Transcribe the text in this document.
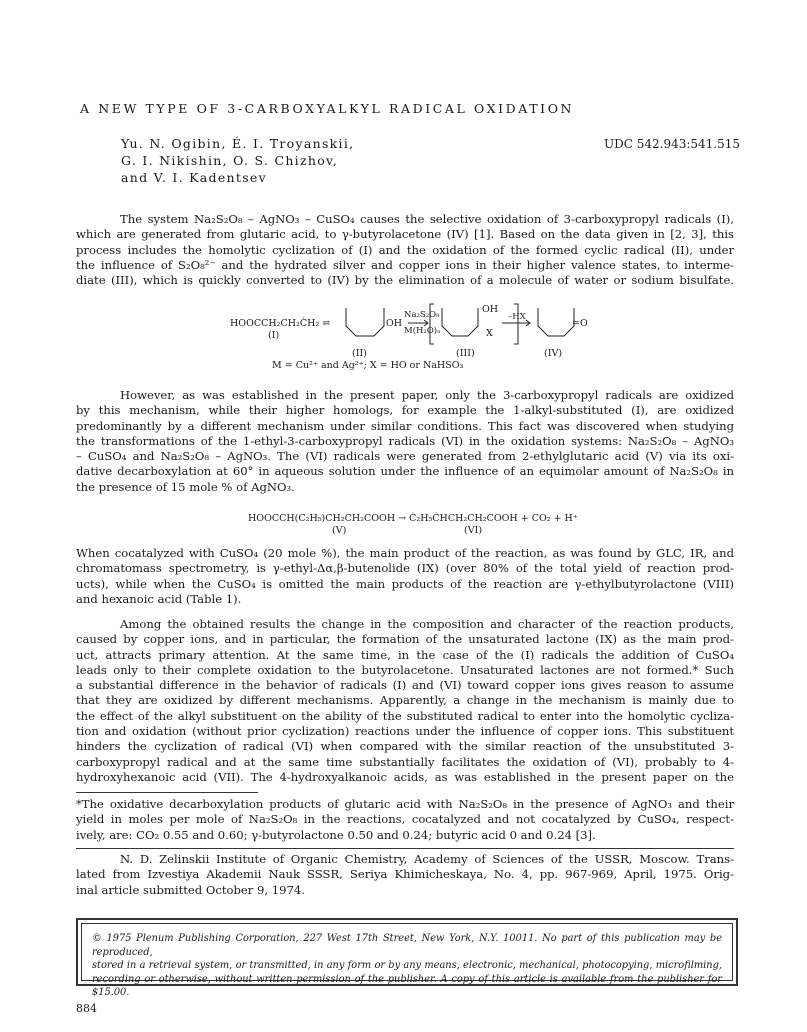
A NEW TYPE OF 3-CARBOXYALKYL RADICAL OXIDATION
Yu. N. Ogibin, É. I. Troyanskii,
G. I. Nikishin, O. S. Chizhov,
and V. I. Kadentsev
UDC 542.943:541.515
The system Na₂S₂O₈ – AgNO₃ – CuSO₄ causes the selective oxidation of 3-carboxypropyl radicals (I),
which are generated from glutaric acid, to γ-butyrolacetone (IV) [1]. Based on the data given in [2, 3], this
process includes the homolytic cyclization of (I) and the oxidation of the formed cyclic radical (II), under
the influence of S₂O₈²⁻ and the hydrated silver and copper ions in their higher valence states, to interme-
diate (III), which is quickly converted to (IV) by the elimination of a molecule of water or sodium bisulfate.
HOOCCH₂CH₂ĊH₂ ⇌
(I)
OH
Na₂S₂O₈
M(H₂O)ₙ
OH
X
–HX
=O
(II)	(III)	(IV)
M = Cu²⁺ and Ag²⁺; X = HO or NaHSO₃
However, as was established in the present paper, only the 3-carboxypropyl radicals are oxidized
by this mechanism, while their higher homologs, for example the 1-alkyl-substituted (I), are oxidized
predominantly by a different mechanism under similar conditions. This fact was discovered when studying
the transformations of the 1-ethyl-3-carboxypropyl radicals (VI) in the oxidation systems: Na₂S₂O₈ – AgNO₃
– CuSO₄ and Na₂S₂O₈ – AgNO₃. The (VI) radicals were generated from 2-ethylglutaric acid (V) via its oxi-
dative decarboxylation at 60° in aqueous solution under the influence of an equimolar amount of Na₂S₂O₈ in
the presence of 15 mole % of AgNO₃.
HOOCCH(C₂H₅)CH₂CH₂COOH → Ċ₂H₅ĊHCH₂CH₂COOH + CO₂ + H⁺
(V)	(VI)
When cocatalyzed with CuSO₄ (20 mole %), the main product of the reaction, as was found by GLC, IR, and
chromatomass spectrometry, is γ-ethyl-Δα,β-butenolide (IX) (over 80% of the total yield of reaction prod-
ucts), while when the CuSO₄ is omitted the main products of the reaction are γ-ethylbutyrolactone (VIII)
and hexanoic acid (Table 1).
Among the obtained results the change in the composition and character of the reaction products,
caused by copper ions, and in particular, the formation of the unsaturated lactone (IX) as the main prod-
uct, attracts primary attention. At the same time, in the case of the (I) radicals the addition of CuSO₄
leads only to their complete oxidation to the butyrolacetone. Unsaturated lactones are not formed.* Such
a substantial difference in the behavior of radicals (I) and (VI) toward copper ions gives reason to assume
that they are oxidized by different mechanisms. Apparently, a change in the mechanism is mainly due to
the effect of the alkyl substituent on the ability of the substituted radical to enter into the homolytic cycliza-
tion and oxidation (without prior cyclization) reactions under the influence of copper ions. This substituent
hinders the cyclization of radical (VI) when compared with the similar reaction of the unsubstituted 3-
carboxypropyl radical and at the same time substantially facilitates the oxidation of (VI), probably to 4-
hydroxyhexanoic acid (VII). The 4-hydroxyalkanoic acids, as was established in the present paper on the
*The oxidative decarboxylation products of glutaric acid with Na₂S₂O₈ in the presence of AgNO₃ and their
yield in moles per mole of Na₂S₂O₈ in the reactions, cocatalyzed and not cocatalyzed by CuSO₄, respect-
ively, are: CO₂ 0.55 and 0.60; γ-butyrolactone 0.50 and 0.24; butyric acid 0 and 0.24 [3].
N. D. Zelinskii Institute of Organic Chemistry, Academy of Sciences of the USSR, Moscow. Trans-
lated from Izvestiya Akademii Nauk SSSR, Seriya Khimicheskaya, No. 4, pp. 967-969, April, 1975. Orig-
inal article submitted October 9, 1974.
© 1975 Plenum Publishing Corporation, 227 West 17th Street, New York, N.Y. 10011. No part of this publication may be reproduced,
stored in a retrieval system, or transmitted, in any form or by any means, electronic, mechanical, photocopying, microfilming,
recording or otherwise, without written permission of the publisher. A copy of this article is available from the publisher for $15.00.
884
